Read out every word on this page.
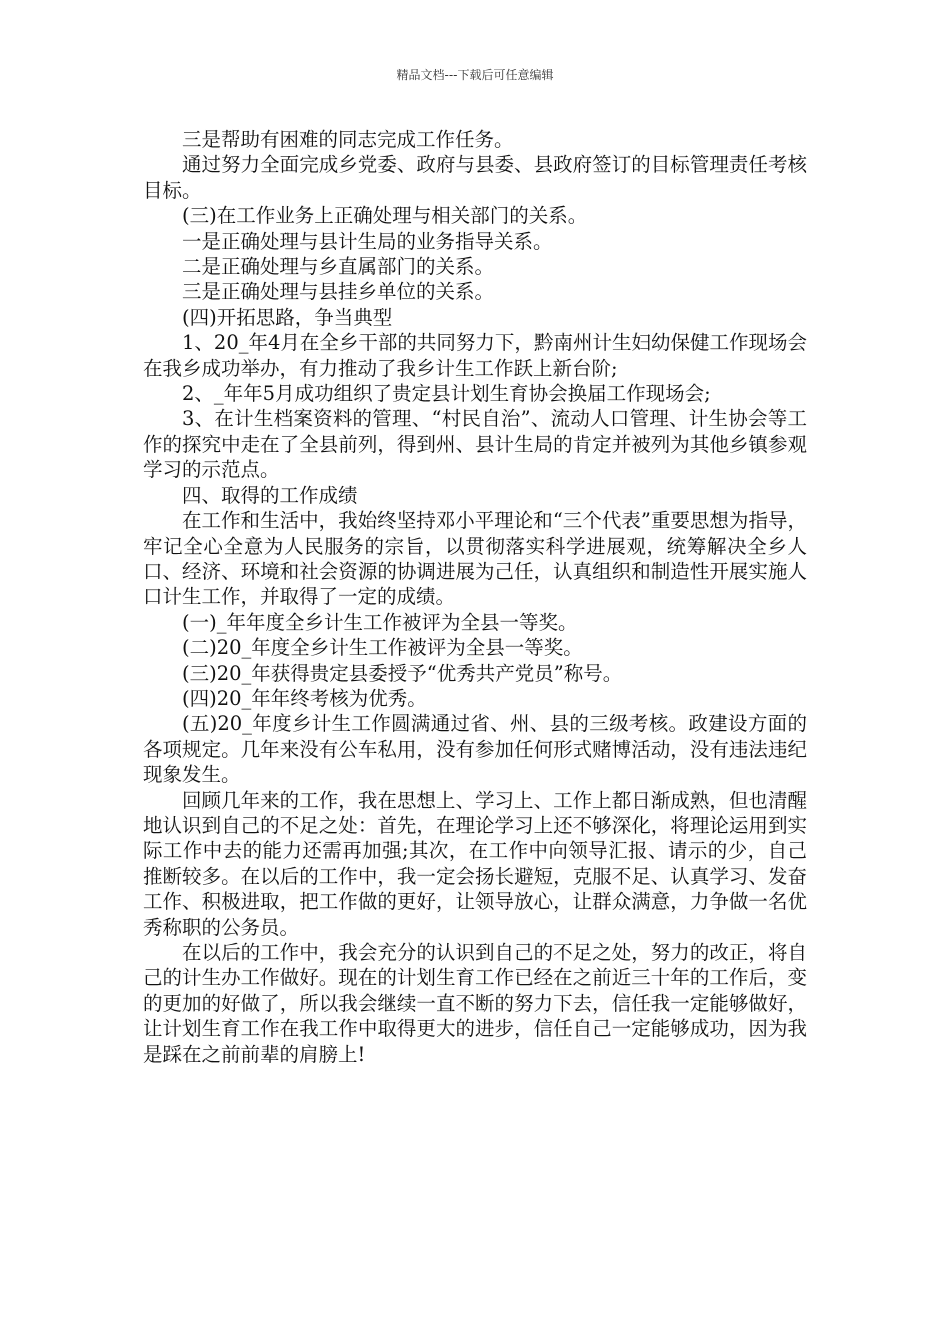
精品文档---下载后可任意编辑

三是帮助有困难的同志完成工作任务。

通过努力全面完成乡党委、政府与县委、县政府签订的目标管理责任考核目标。

(三)在工作业务上正确处理与相关部门的关系。

一是正确处理与县计生局的业务指导关系。

二是正确处理与乡直属部门的关系。

三是正确处理与县挂乡单位的关系。

(四)开拓思路，争当典型

1、20_年4月在全乡干部的共同努力下，黔南州计生妇幼保健工作现场会在我乡成功举办，有力推动了我乡计生工作跃上新台阶;

2、_年年5月成功组织了贵定县计划生育协会换届工作现场会;

3、在计生档案资料的管理、“村民自治”、流动人口管理、计生协会等工作的探究中走在了全县前列，得到州、县计生局的肯定并被列为其他乡镇参观学习的示范点。

四、取得的工作成绩

在工作和生活中，我始终坚持邓小平理论和“三个代表”重要思想为指导，牢记全心全意为人民服务的宗旨，以贯彻落实科学进展观，统筹解决全乡人口、经济、环境和社会资源的协调进展为己任，认真组织和制造性开展实施人口计生工作，并取得了一定的成绩。

(一)_年年度全乡计生工作被评为全县一等奖。

(二)20_年度全乡计生工作被评为全县一等奖。

(三)20_年获得贵定县委授予“优秀共产党员”称号。

(四)20_年年终考核为优秀。

(五)20_年度乡计生工作圆满通过省、州、县的三级考核。政建设方面的各项规定。几年来没有公车私用，没有参加任何形式赌博活动，没有违法违纪现象发生。

回顾几年来的工作，我在思想上、学习上、工作上都日渐成熟，但也清醒地认识到自己的不足之处：首先，在理论学习上还不够深化，将理论运用到实际工作中去的能力还需再加强;其次，在工作中向领导汇报、请示的少，自己推断较多。在以后的工作中，我一定会扬长避短，克服不足、认真学习、发奋工作、积极进取，把工作做的更好，让领导放心，让群众满意，力争做一名优秀称职的公务员。

在以后的工作中，我会充分的认识到自己的不足之处，努力的改正，将自己的计生办工作做好。现在的计划生育工作已经在之前近三十年的工作后，变的更加的好做了，所以我会继续一直不断的努力下去，信任我一定能够做好，让计划生育工作在我工作中取得更大的进步，信任自己一定能够成功，因为我是踩在之前前辈的肩膀上!
